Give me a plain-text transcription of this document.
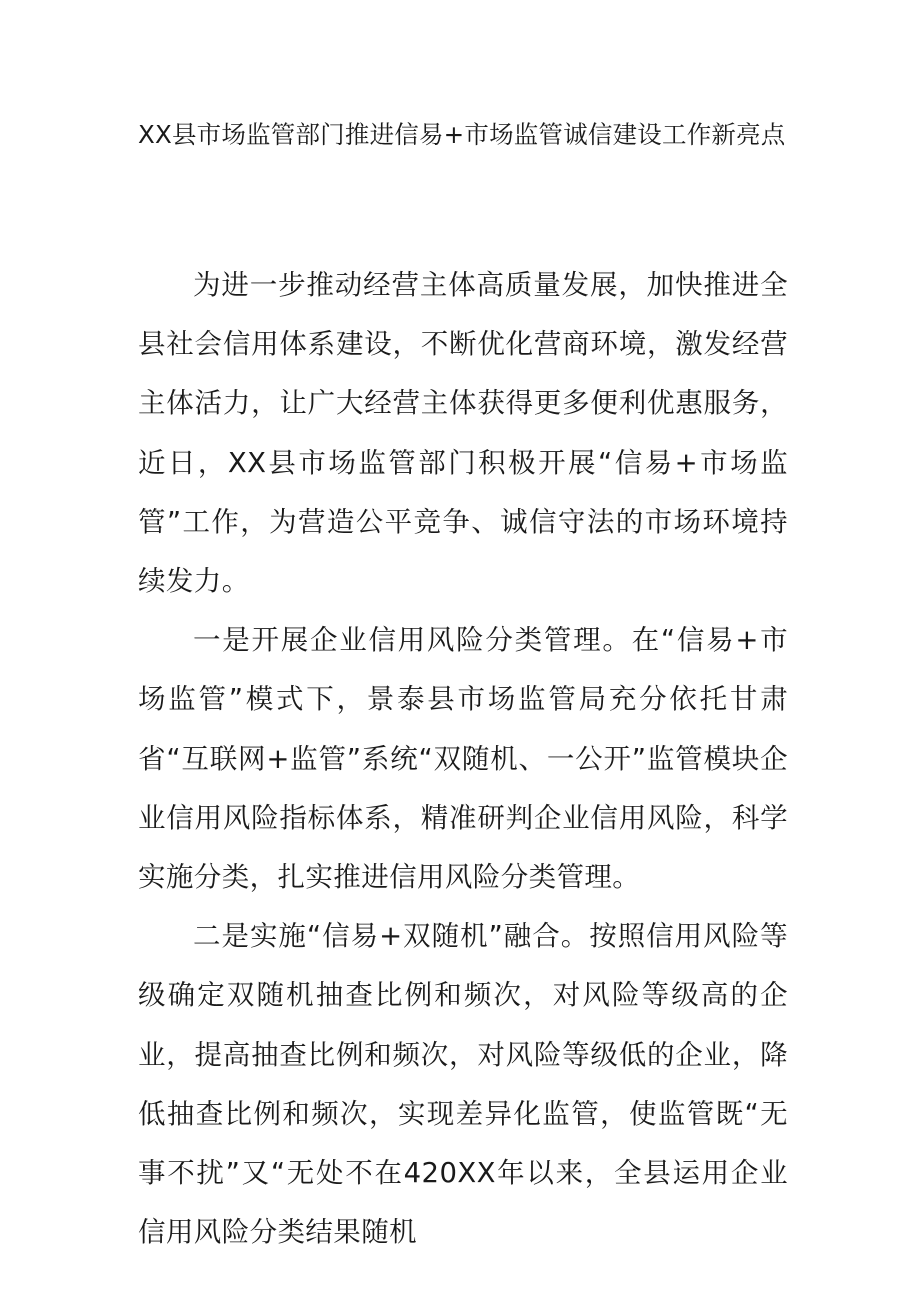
XX县市场监管部门推进信易+市场监管诚信建设工作新亮点

为进一步推动经营主体高质量发展，加快推进全县社会信用体系建设，不断优化营商环境，激发经营主体活力，让广大经营主体获得更多便利优惠服务，近日，XX县市场监管部门积极开展“信易+市场监管”工作，为营造公平竞争、诚信守法的市场环境持续发力。

一是开展企业信用风险分类管理。在“信易+市场监管”模式下，景泰县市场监管局充分依托甘肃省“互联网+监管”系统“双随机、一公开”监管模块企业信用风险指标体系，精准研判企业信用风险，科学实施分类，扎实推进信用风险分类管理。

二是实施“信易+双随机”融合。按照信用风险等级确定双随机抽查比例和频次，对风险等级高的企业，提高抽查比例和频次，对风险等级低的企业，降低抽查比例和频次，实现差异化监管，使监管既“无事不扰”又“无处不在420XX年以来，全县运用企业信用风险分类结果随机
